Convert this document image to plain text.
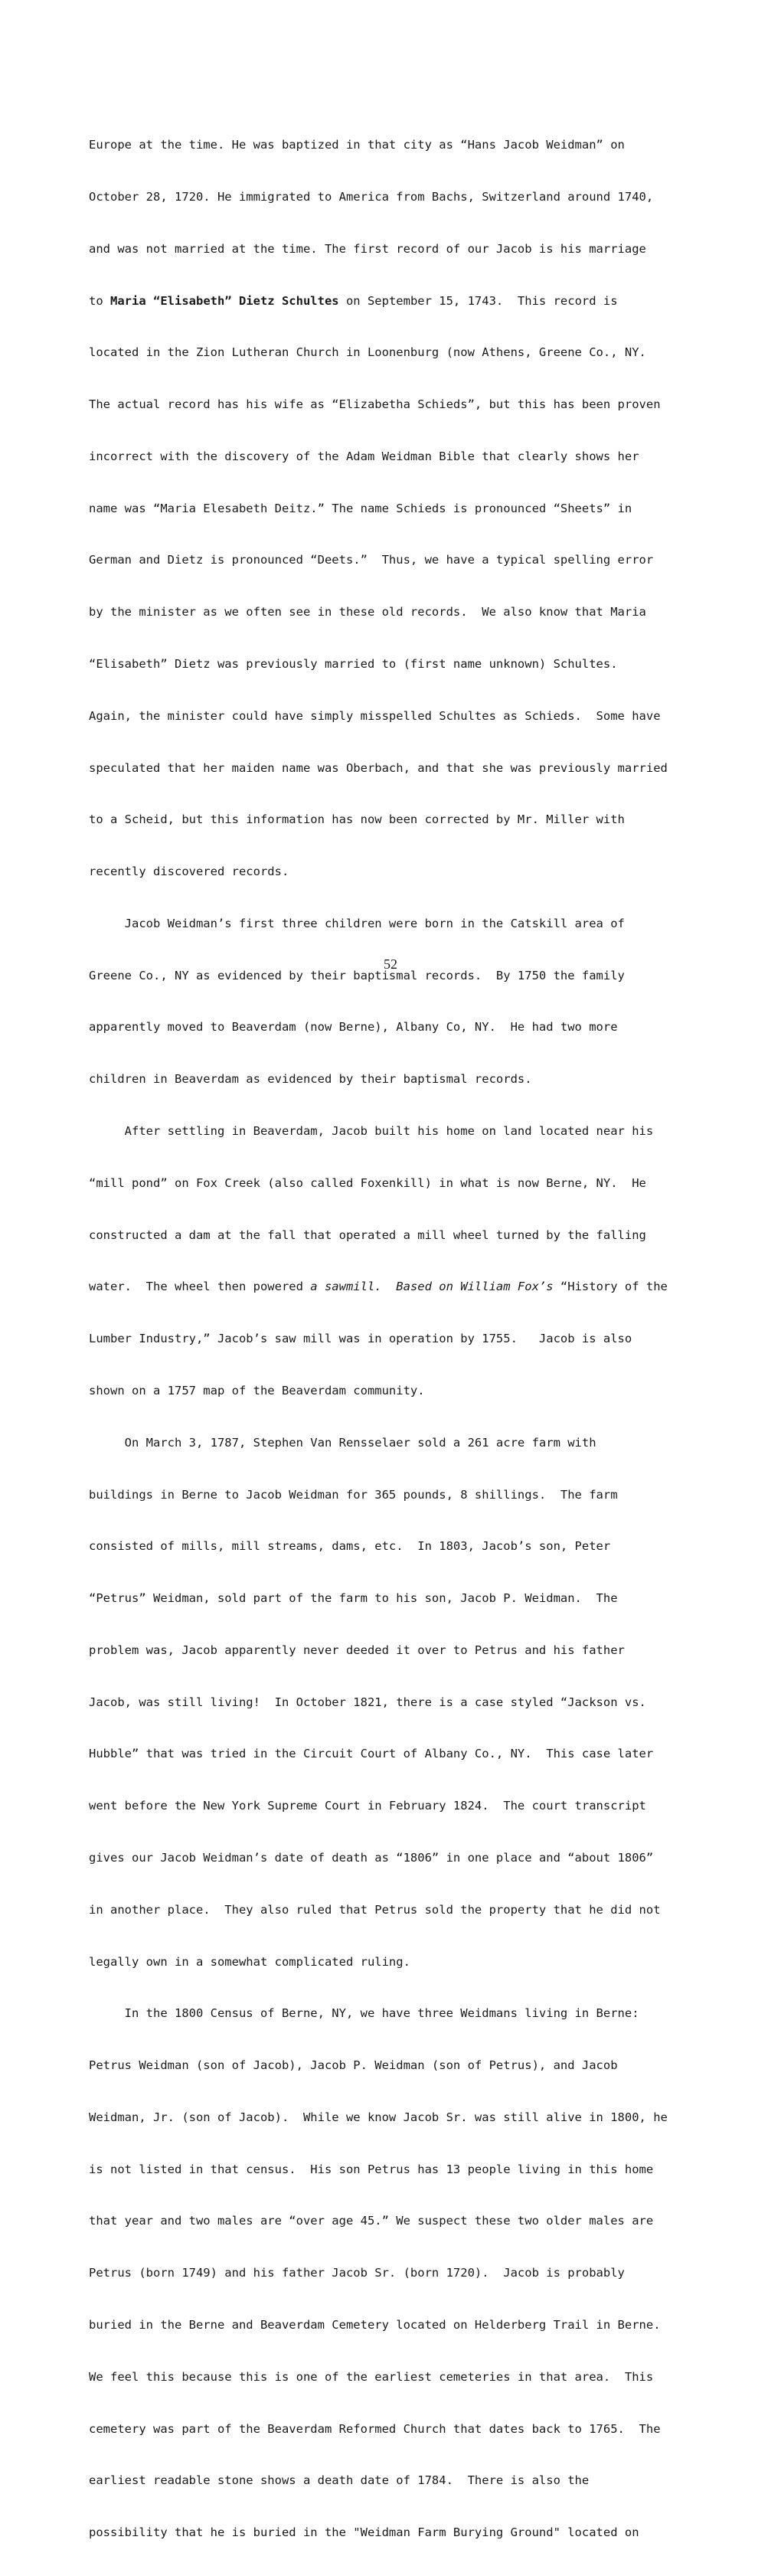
Europe at the time. He was baptized in that city as “Hans Jacob Weidman” on

October 28, 1720. He immigrated to America from Bachs, Switzerland around 1740,

and was not married at the time. The first record of our Jacob is his marriage

to Maria “Elisabeth” Dietz Schultes on September 15, 1743.  This record is

located in the Zion Lutheran Church in Loonenburg (now Athens, Greene Co., NY.

The actual record has his wife as “Elizabetha Schieds”, but this has been proven

incorrect with the discovery of the Adam Weidman Bible that clearly shows her

name was “Maria Elesabeth Deitz.” The name Schieds is pronounced “Sheets” in

German and Dietz is pronounced “Deets.”  Thus, we have a typical spelling error

by the minister as we often see in these old records.  We also know that Maria

“Elisabeth” Dietz was previously married to (first name unknown) Schultes.

Again, the minister could have simply misspelled Schultes as Schieds.  Some have

speculated that her maiden name was Oberbach, and that she was previously married

to a Scheid, but this information has now been corrected by Mr. Miller with

recently discovered records.

Jacob Weidman’s first three children were born in the Catskill area of

Greene Co., NY as evidenced by their baptismal records.  By 1750 the family

apparently moved to Beaverdam (now Berne), Albany Co, NY.  He had two more

children in Beaverdam as evidenced by their baptismal records.

After settling in Beaverdam, Jacob built his home on land located near his

“mill pond” on Fox Creek (also called Foxenkill) in what is now Berne, NY.  He

constructed a dam at the fall that operated a mill wheel turned by the falling

water.  The wheel then powered a sawmill.  Based on William Fox’s “History of the

Lumber Industry,” Jacob’s saw mill was in operation by 1755.   Jacob is also

shown on a 1757 map of the Beaverdam community.

On March 3, 1787, Stephen Van Rensselaer sold a 261 acre farm with

buildings in Berne to Jacob Weidman for 365 pounds, 8 shillings.  The farm

consisted of mills, mill streams, dams, etc.  In 1803, Jacob’s son, Peter

“Petrus” Weidman, sold part of the farm to his son, Jacob P. Weidman.  The

problem was, Jacob apparently never deeded it over to Petrus and his father

Jacob, was still living!  In October 1821, there is a case styled “Jackson vs.

Hubble” that was tried in the Circuit Court of Albany Co., NY.  This case later

went before the New York Supreme Court in February 1824.  The court transcript

gives our Jacob Weidman’s date of death as “1806” in one place and “about 1806”

in another place.  They also ruled that Petrus sold the property that he did not

legally own in a somewhat complicated ruling.

In the 1800 Census of Berne, NY, we have three Weidmans living in Berne:

Petrus Weidman (son of Jacob), Jacob P. Weidman (son of Petrus), and Jacob

Weidman, Jr. (son of Jacob).  While we know Jacob Sr. was still alive in 1800, he

is not listed in that census.  His son Petrus has 13 people living in this home

that year and two males are “over age 45.” We suspect these two older males are

Petrus (born 1749) and his father Jacob Sr. (born 1720).  Jacob is probably

buried in the Berne and Beaverdam Cemetery located on Helderberg Trail in Berne.

We feel this because this is one of the earliest cemeteries in that area.  This

cemetery was part of the Beaverdam Reformed Church that dates back to 1765.  The

earliest readable stone shows a death date of 1784.  There is also the

possibility that he is buried in the "Weidman Farm Burying Ground" located on

52
